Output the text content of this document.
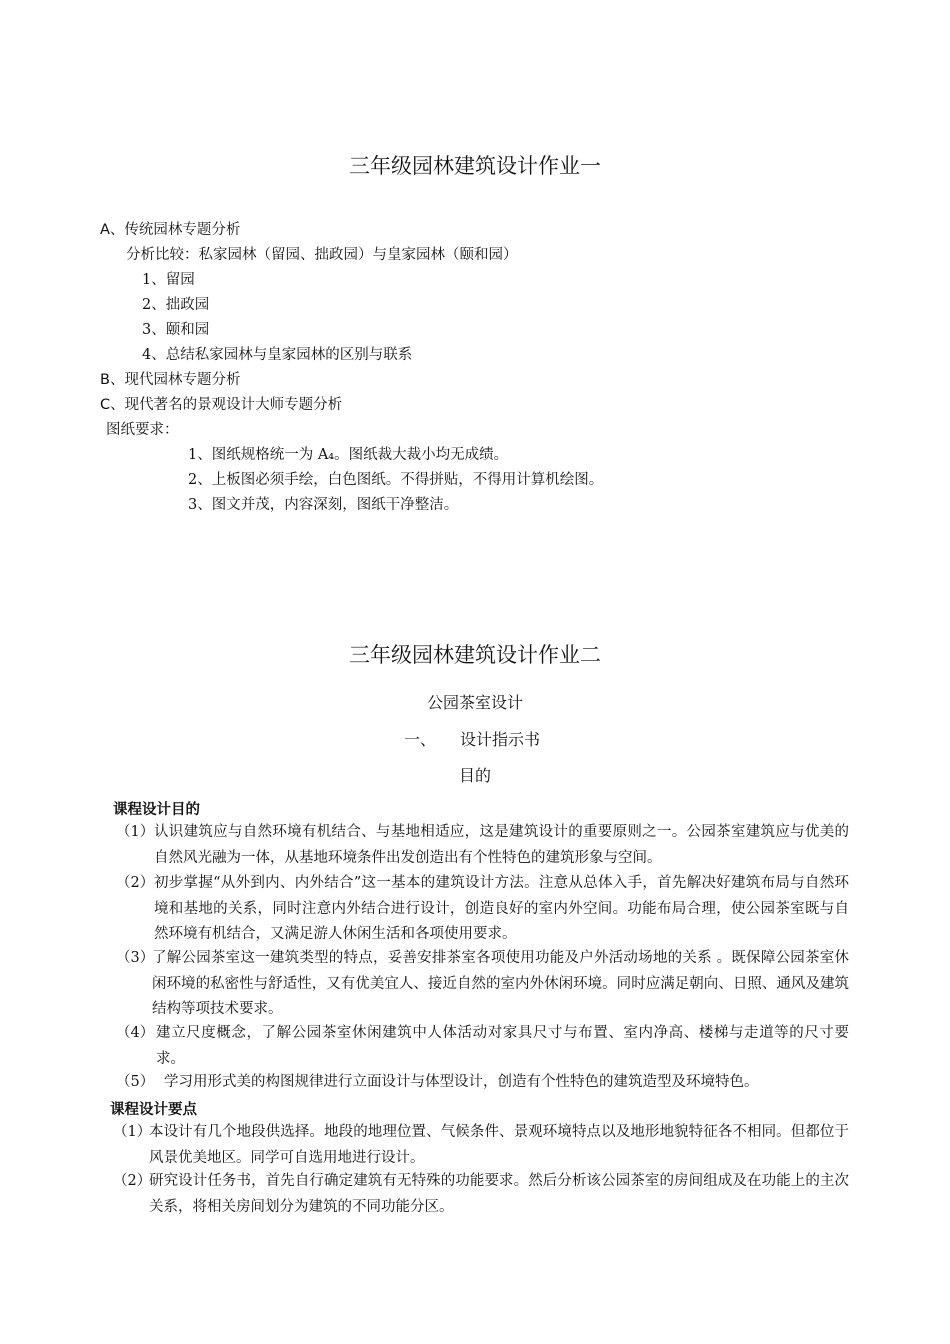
三年级园林建筑设计作业一
A、传统园林专题分析
分析比较：私家园林（留园、拙政园）与皇家园林（颐和园）
1、留园
2、拙政园
3、颐和园
4、总结私家园林与皇家园林的区别与联系
B、现代园林专题分析
C、现代著名的景观设计大师专题分析
图纸要求：
1、图纸规格统一为 A₄。图纸裁大裁小均无成绩。
2、上板图必须手绘，白色图纸。不得拼贴，不得用计算机绘图。
3、图文并茂，内容深刻，图纸干净整洁。
三年级园林建筑设计作业二
公园茶室设计
一、 设计指示书
目的
课程设计目的
（1） 认识建筑应与自然环境有机结合、与基地相适应，这是建筑设计的重要原则之一。公园茶室建筑应与优美的自然风光融为一体，从基地环境条件出发创造出有个性特色的建筑形象与空间。
（2） 初步掌握“从外到内、内外结合”这一基本的建筑设计方法。注意从总体入手，首先解决好建筑布局与自然环境和基地的关系，同时注意内外结合进行设计，创造良好的室内外空间。功能布局合理，使公园茶室既与自然环境有机结合，又满足游人休闲生活和各项使用要求。
（3）
了解公园茶室这一建筑类型的特点，妥善安排茶室各项使用功能及户外活动场地的关系 。既保障公园茶室休闲环境的私密性与舒适性，又有优美宜人、接近自然的室内外休闲环境。同时应满足朝向、日照、通风及建筑结构等项技术要求。
（4） 建立尺度概念，了解公园茶室休闲建筑中人体活动对家具尺寸与布置、室内净高、楼梯与走道等的尺寸要求。
（5） 学习用形式美的构图规律进行立面设计与体型设计，创造有个性特色的建筑造型及环境特色。
课程设计要点
（1）
本设计有几个地段供选择。地段的地理位置、气候条件、景观环境特点以及地形地貌特征各不相同。但都位于风景优美地区。同学可自选用地进行设计。
（2）
研究设计任务书，首先自行确定建筑有无特殊的功能要求。然后分析该公园茶室的房间组成及在功能上的主次关系，将相关房间划分为建筑的不同功能分区。
